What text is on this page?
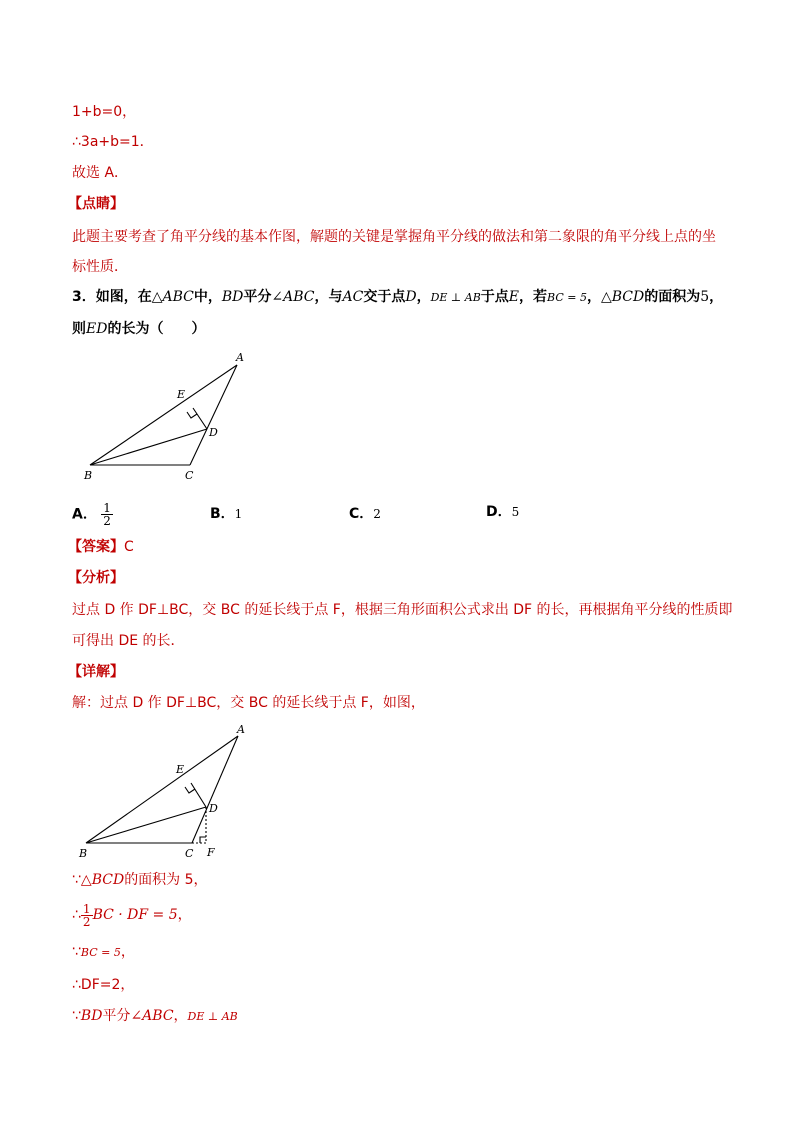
1+b=0，
∴3a+b=1．
故选 A．
【点睛】
此题主要考查了角平分线的基本作图，解题的关键是掌握角平分线的做法和第二象限的角平分线上点的坐
标性质．
3．如图，在△ABC中，BD平分∠ABC，与AC交于点D，DE ⊥ AB于点E，若BC = 5，△BCD的面积为5，
则ED的长为（　　）
A
E
D
B	C
A． $\frac{1}{2}$	B．1	C．2	D．5
【答案】C
【分析】
过点 D 作 DF⊥BC，交 BC 的延长线于点 F，根据三角形面积公式求出 DF 的长，再根据角平分线的性质即
可得出 DE 的长．
【详解】
解：过点 D 作 DF⊥BC，交 BC 的延长线于点 F，如图，
A
E
D
B	C F
∵△BCD的面积为 5，
∴ $\frac{1}{2}$ BC · DF = 5，
∵BC = 5，
∴DF=2，
∵BD平分∠ABC，DE ⊥ AB
